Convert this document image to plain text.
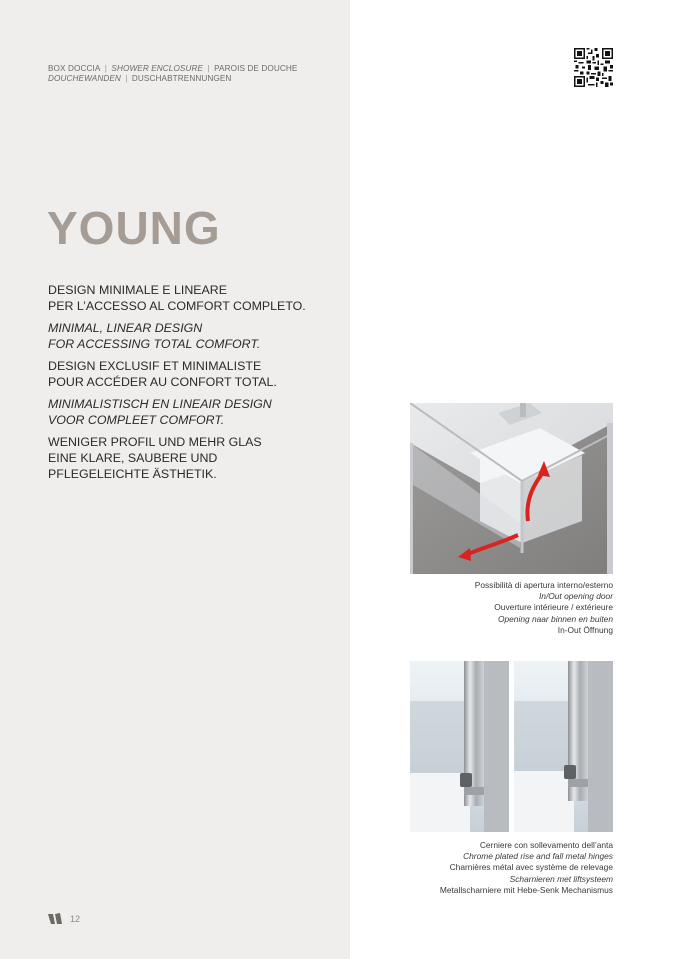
BOX DOCCIA | SHOWER ENCLOSURE | PAROIS DE DOUCHE
DOUCHEWANDEN | DUSCHABTRENNUNGEN
YOUNG

DESIGN MINIMALE E LINEARE
PER L’ACCESSO AL COMFORT COMPLETO.

MINIMAL, LINEAR DESIGN
FOR ACCESSING TOTAL COMFORT.

DESIGN EXCLUSIF ET MINIMALISTE
POUR ACCÉDER AU CONFORT TOTAL.

MINIMALISTISCH EN LINEAIR DESIGN
VOOR COMPLEET COMFORT.

WENIGER PROFIL UND MEHR GLAS
EINE KLARE, SAUBERE UND
PFLEGELEICHTE ÄSTHETIK.

Possibilità di apertura interno/esterno
In/Out opening door
Ouverture intérieure / extérieure
Opening naar binnen en buiten
In-Out Öffnung
Cerniere con sollevamento dell’anta
Chrome plated rise and fall metal hinges
Charnières métal avec système de relevage
Scharnieren met liftsysteem
Metallscharniere mit Hebe-Senk Mechanismus
12
